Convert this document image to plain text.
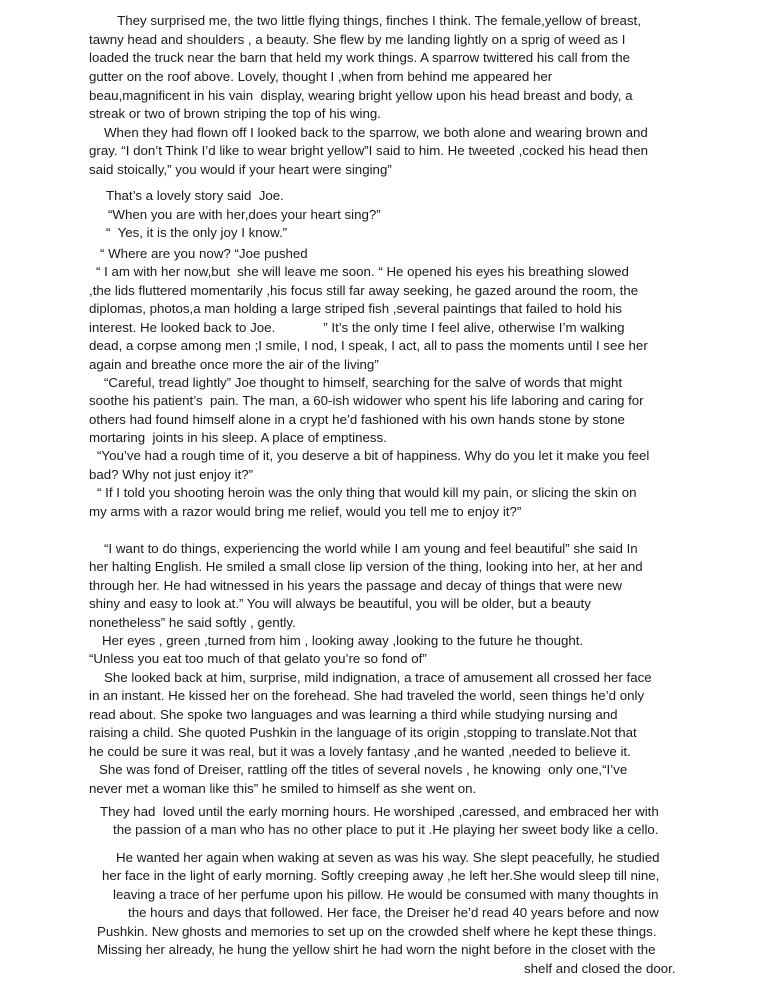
They surprised me, the two little flying things, finches I think. The female,yellow of breast,
tawny head and shoulders , a beauty. She flew by me landing lightly on a sprig of weed as I
loaded the truck near the barn that held my work things. A sparrow twittered his call from the
gutter on the roof above. Lovely, thought I ,when from behind me appeared her
beau,magnificent in his vain  display, wearing bright yellow upon his head breast and body, a
streak or two of brown striping the top of his wing.
When they had flown off I looked back to the sparrow, we both alone and wearing brown and
gray. “I don’t Think I’d like to wear bright yellow”I said to him. He tweeted ,cocked his head then
said stoically,” you would if your heart were singing”
That’s a lovely story said  Joe.
“When you are with her,does your heart sing?”
“  Yes, it is the only joy I know.”
“ Where are you now? “Joe pushed
“ I am with her now,but  she will leave me soon. “ He opened his eyes his breathing slowed
,the lids fluttered momentarily ,his focus still far away seeking, he gazed around the room, the
diplomas, photos,a man holding a large striped fish ,several paintings that failed to hold his
interest. He looked back to Joe.             ” It’s the only time I feel alive, otherwise I’m walking
dead, a corpse among men ;I smile, I nod, I speak, I act, all to pass the moments until I see her
again and breathe once more the air of the living”
“Careful, tread lightly” Joe thought to himself, searching for the salve of words that might
soothe his patient’s  pain. The man, a 60-ish widower who spent his life laboring and caring for
others had found himself alone in a crypt he’d fashioned with his own hands stone by stone
mortaring  joints in his sleep. A place of emptiness.
“You’ve had a rough time of it, you deserve a bit of happiness. Why do you let it make you feel
bad? Why not just enjoy it?”
“ If I told you shooting heroin was the only thing that would kill my pain, or slicing the skin on
my arms with a razor would bring me relief, would you tell me to enjoy it?”
“I want to do things, experiencing the world while I am young and feel beautiful” she said In
her halting English. He smiled a small close lip version of the thing, looking into her, at her and
through her. He had witnessed in his years the passage and decay of things that were new
shiny and easy to look at.” You will always be beautiful, you will be older, but a beauty
nonetheless” he said softly , gently.
Her eyes , green ,turned from him , looking away ,looking to the future he thought.
“Unless you eat too much of that gelato you’re so fond of”
She looked back at him, surprise, mild indignation, a trace of amusement all crossed her face
in an instant. He kissed her on the forehead. She had traveled the world, seen things he’d only
read about. She spoke two languages and was learning a third while studying nursing and
raising a child. She quoted Pushkin in the language of its origin ,stopping to translate.Not that
he could be sure it was real, but it was a lovely fantasy ,and he wanted ,needed to believe it.
She was fond of Dreiser, rattling off the titles of several novels , he knowing  only one,“I’ve
never met a woman like this” he smiled to himself as she went on.
They had  loved until the early morning hours. He worshiped ,caressed, and embraced her with
the passion of a man who has no other place to put it .He playing her sweet body like a cello.
He wanted her again when waking at seven as was his way. She slept peacefully, he studied
her face in the light of early morning. Softly creeping away ,he left her.She would sleep till nine,
leaving a trace of her perfume upon his pillow. He would be consumed with many thoughts in
the hours and days that followed. Her face, the Dreiser he’d read 40 years before and now
Pushkin. New ghosts and memories to set up on the crowded shelf where he kept these things.
Missing her already, he hung the yellow shirt he had worn the night before in the closet with the
shelf and closed the door.
